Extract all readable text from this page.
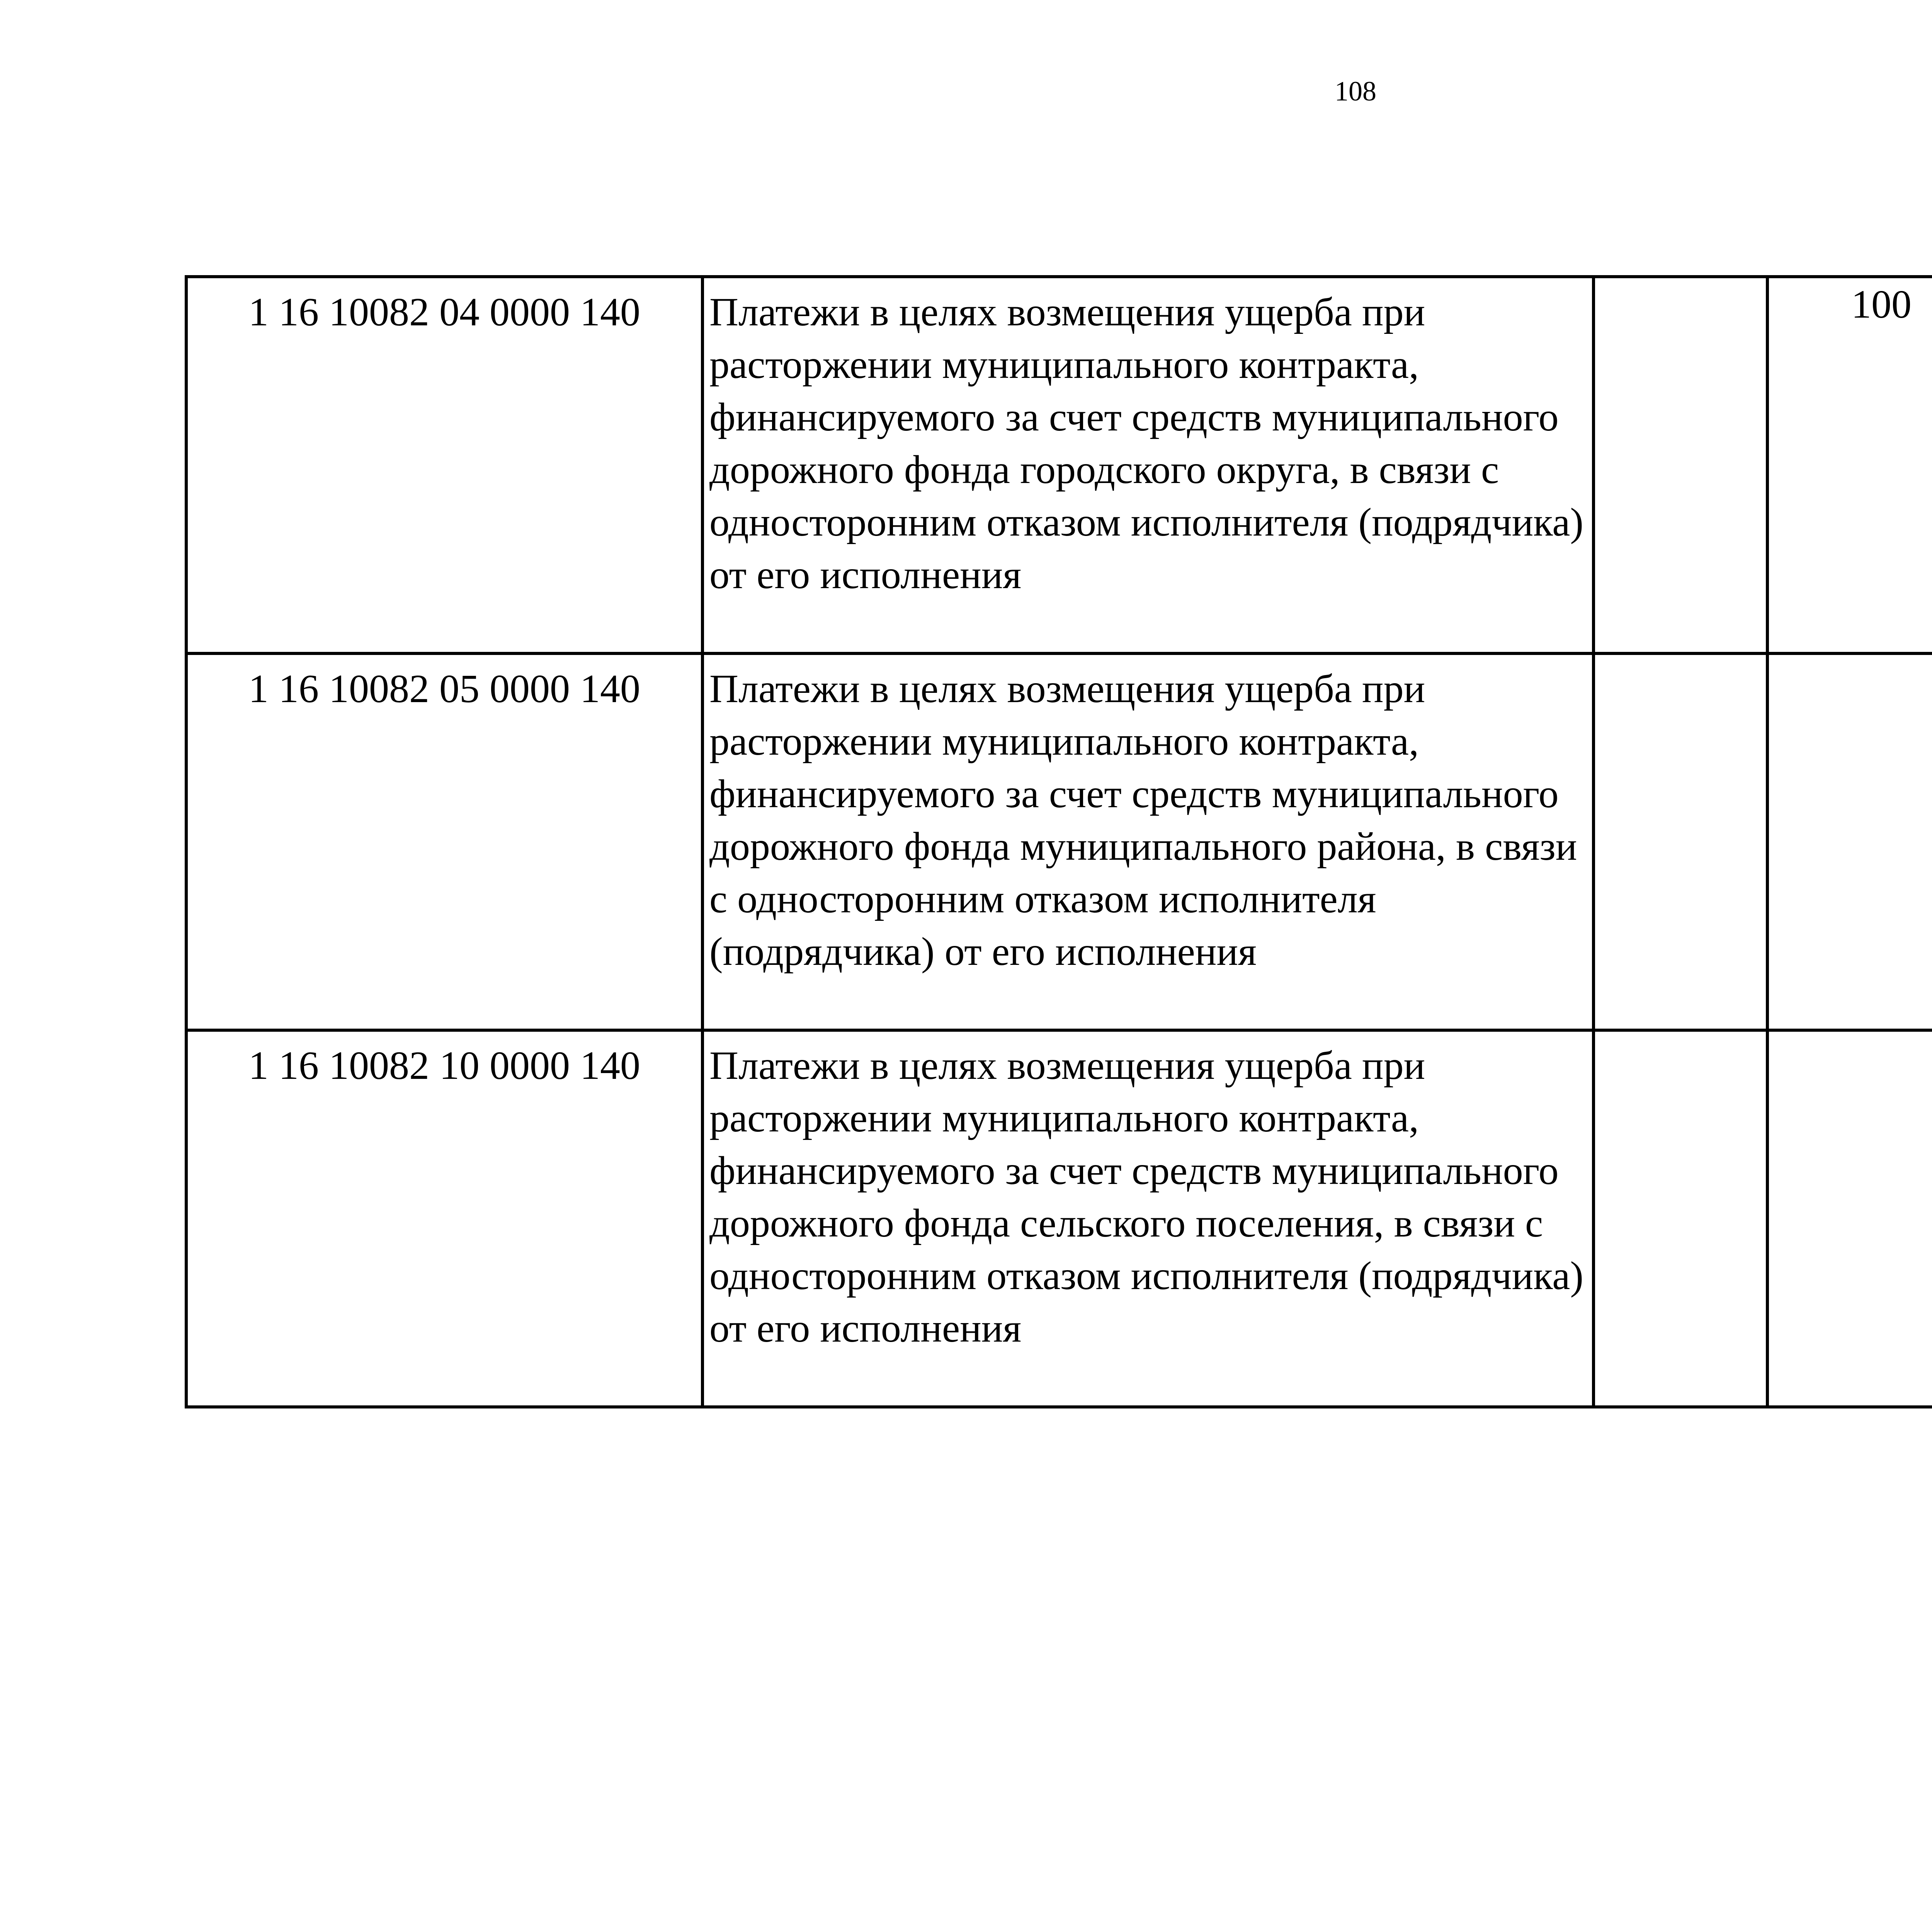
108
1 16 10082 04 0000 140	Платежи в целях возмещения ущерба при расторжении муниципального контракта, финансируемого за счет средств муниципального дорожного фонда городского округа, в связи с односторонним отказом исполнителя (подрядчика) от его исполнения		100			

1 16 10082 05 0000 140	Платежи в целях возмещения ущерба при расторжении муниципального контракта, финансируемого за счет средств муниципального дорожного фонда муниципального района, в связи с односторонним отказом исполнителя (подрядчика) от его исполнения

1 16 10082 10 0000 140	Платежи в целях возмещения ущерба при расторжении муниципального контракта, финансируемого за счет средств муниципального дорожного фонда сельского поселения, в связи с односторонним отказом исполнителя (подрядчика) от его исполнения
